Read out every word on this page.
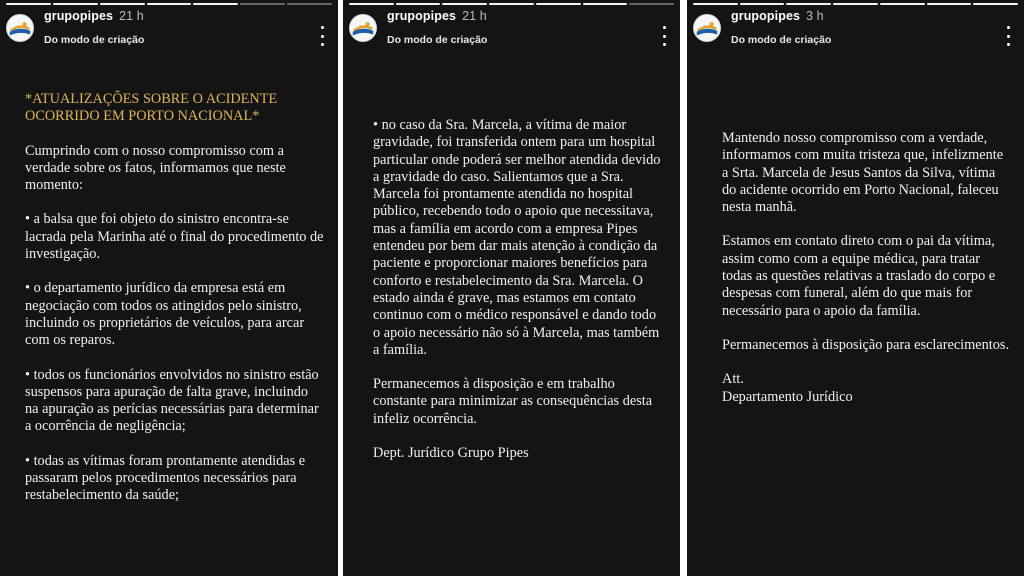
grupopipes 21 h
Do modo de criação

*ATUALIZAÇÕES SOBRE O ACIDENTE OCORRIDO EM PORTO NACIONAL*

Cumprindo com o nosso compromisso com a verdade sobre os fatos, informamos que neste momento:

• a balsa que foi objeto do sinistro encontra-se lacrada pela Marinha até o final do procedimento de investigação.

• o departamento jurídico da empresa está em negociação com todos os atingidos pelo sinistro, incluindo os proprietários de veículos, para arcar com os reparos.

• todos os funcionários envolvidos no sinistro estão suspensos para apuração de falta grave, incluindo na apuração as perícias necessárias para determinar a ocorrência de negligência;

• todas as vítimas foram prontamente atendidas e passaram pelos procedimentos necessários para restabelecimento da saúde;

grupopipes 21 h
Do modo de criação

• no caso da Sra. Marcela, a vítima de maior gravidade, foi transferida ontem para um hospital particular onde poderá ser melhor atendida devido a gravidade do caso. Salientamos que a Sra. Marcela foi prontamente atendida no hospital público, recebendo todo o apoio que necessitava, mas a família em acordo com a empresa Pipes entendeu por bem dar mais atenção à condição da paciente e proporcionar maiores benefícios para conforto e restabelecimento da Sra. Marcela. O estado ainda é grave, mas estamos em contato continuo com o médico responsável e dando todo o apoio necessário não só à Marcela, mas também a família.

Permanecemos à disposição e em trabalho constante para minimizar as consequências desta infeliz ocorrência.

Dept. Jurídico Grupo Pipes

grupopipes 3 h
Do modo de criação

Mantendo nosso compromisso com a verdade, informamos com muita tristeza que, infelizmente a Srta. Marcela de Jesus Santos da Silva, vítima do acidente ocorrido em Porto Nacional, faleceu nesta manhã.

Estamos em contato direto com o pai da vítima, assim como com a equipe médica, para tratar todas as questões relativas a traslado do corpo e despesas com funeral, além do que mais for necessário para o apoio da família.

Permanecemos à disposição para esclarecimentos.

Att.
Departamento Jurídico
